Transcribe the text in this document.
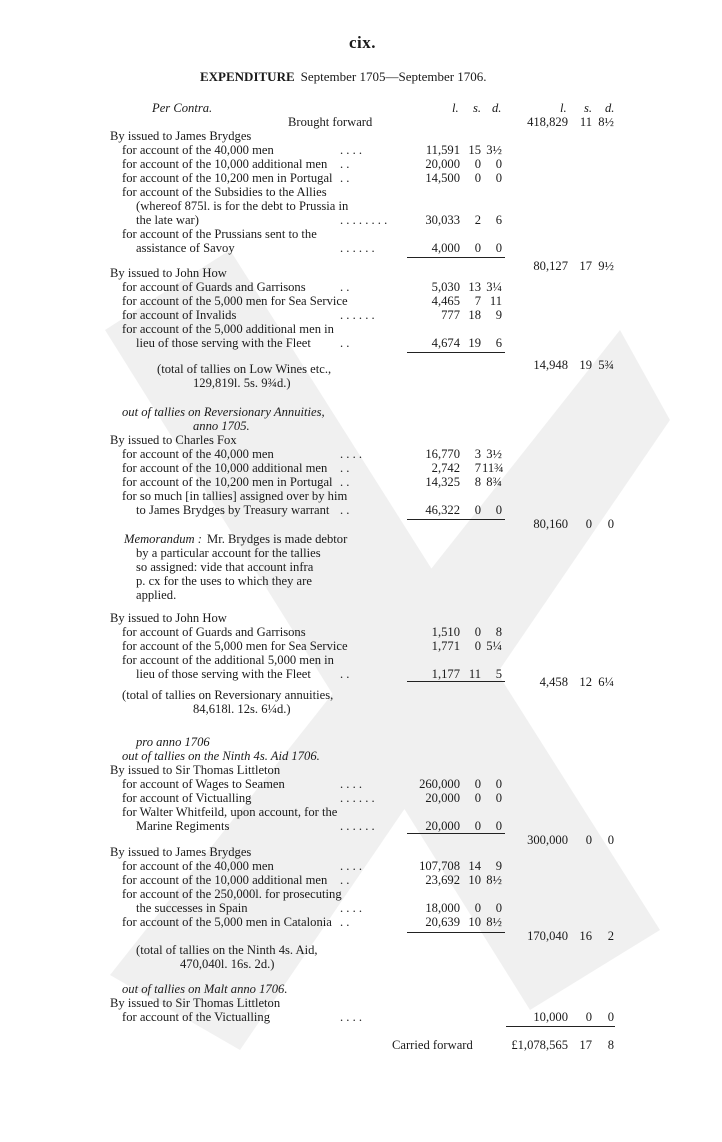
cix.
EXPENDITURE September 1705—September 1706.
Per Contra.	l. s. d.	l. s. d.
Brought forward	418,829 11 8½
By issued to James Brydges
for account of the 40,000 men	. . . .	11,591 15 3½
for account of the 10,000 additional men . .	20,000	0	0
for account of the 10,200 men in Portugal . .	14,500	0	0
for account of the Subsidies to the Allies
(whereof 875l. is for the debt to Prussia in
the late war)	. . . . . . . .	30,033	2	6
for account of the Prussians sent to the
assistance of Savoy	. . . . . .	4,000	0	0
80,127 17 9½
By issued to John How
for account of Guards and Garrisons	. .	5,030 13 3¼
for account of the 5,000 men for Sea Service	4,465	7 11
for account of Invalids	. . . . . .	777 18	9
for account of the 5,000 additional men in
lieu of those serving with the Fleet . .	4,674 19	6
14,948 19 5¾
(total of tallies on Low Wines etc.,
129,819l. 5s. 9¾d.)
out of tallies on Reversionary Annuities,
anno 1705.
By issued to Charles Fox
for account of the 40,000 men	. . . .	16,770	3 3½
for account of the 10,000 additional men . .	2,742	7 11¾
for account of the 10,200 men in Portugal . .	14,325	8 8¾
for so much [in tallies] assigned over by him
to James Brydges by Treasury warrant . .	46,322	0	0
80,160	0	0
Memorandum : Mr. Brydges is made debtor
by a particular account for the tallies
so assigned: vide that account infra
p. cx for the uses to which they are
applied.
By issued to John How
for account of Guards and Garrisons	1,510	0	8
for account of the 5,000 men for Sea Service	1,771	0 5¼
for account of the additional 5,000 men in
lieu of those serving with the Fleet . .	1,177 11	5
4,458 12 6¼
(total of tallies on Reversionary annuities,
84,618l. 12s. 6¼d.)
pro anno 1706
out of tallies on the Ninth 4s. Aid 1706.
By issued to Sir Thomas Littleton
for account of Wages to Seamen	. . . .	260,000	0	0
for account of Victualling	. . . . . .	20,000	0	0
for Walter Whitfeild, upon account, for the
Marine Regiments	. . . . . .	20,000	0	0
300,000	0	0
By issued to James Brydges
for account of the 40,000 men	. . . .	107,708 14	9
for account of the 10,000 additional men . .	23,692 10 8½
for account of the 250,000l. for prosecuting
the successes in Spain	. . . .	18,000	0	0
for account of the 5,000 men in Catalonia . .	20,639 10 8½
170,040 16	2
(total of tallies on the Ninth 4s. Aid,
470,040l. 16s. 2d.)
out of tallies on Malt anno 1706.
By issued to Sir Thomas Littleton
for account of the Victualling	. . . .	10,000	0	0
Carried forward	£1,078,565 17	8
